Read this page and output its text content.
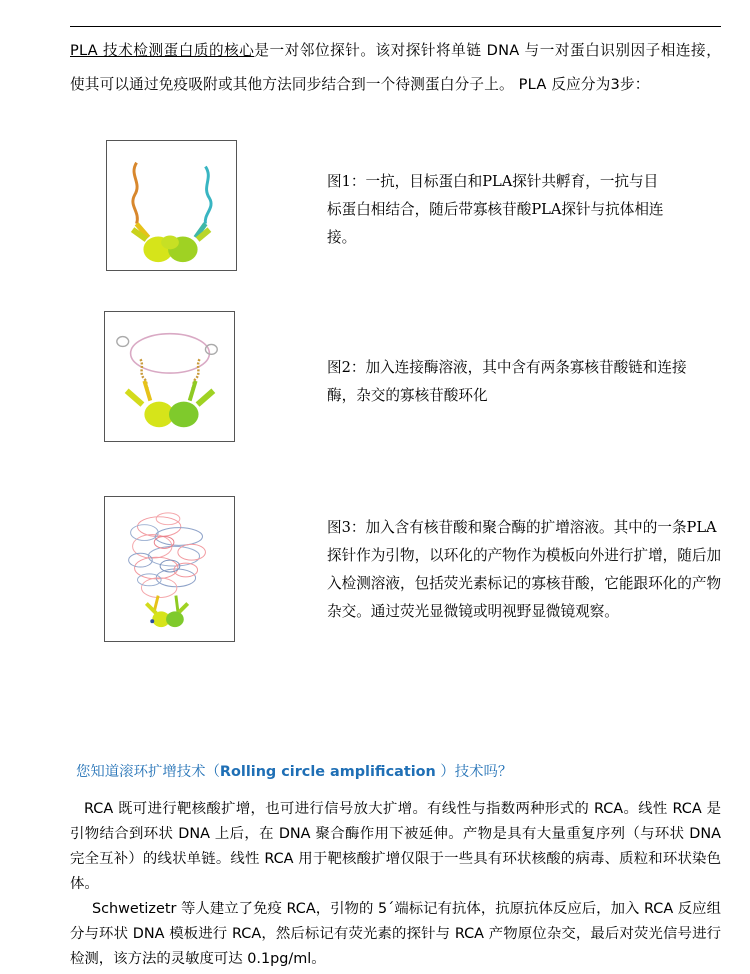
PLA 技术检测蛋白质的核心是一对邻位探针。该对探针将单链 DNA 与一对蛋白识别因子相连接，使其可以通过免疫吸附或其他方法同步结合到一个待测蛋白分子上。 PLA 反应分为3步：

图1：一抗，目标蛋白和PLA探针共孵育，一抗与目标蛋白相结合，随后带寡核苷酸PLA探针与抗体相连接。

图2：加入连接酶溶液，其中含有两条寡核苷酸链和连接酶，杂交的寡核苷酸环化

图3：加入含有核苷酸和聚合酶的扩增溶液。其中的一条PLA探针作为引物，以环化的产物作为模板向外进行扩增，随后加入检测溶液，包括荧光素标记的寡核苷酸，它能跟环化的产物杂交。通过荧光显微镜或明视野显微镜观察。

您知道滚环扩增技术（Rolling circle amplification ）技术吗？

RCA 既可进行靶核酸扩增，也可进行信号放大扩增。有线性与指数两种形式的 RCA。线性 RCA 是引物结合到环状 DNA 上后，在 DNA 聚合酶作用下被延伸。产物是具有大量重复序列（与环状 DNA 完全互补）的线状单链。线性 RCA 用于靶核酸扩增仅限于一些具有环状核酸的病毒、质粒和环状染色体。

Schwetizetr 等人建立了免疫 RCA，引物的 5´端标记有抗体，抗原抗体反应后，加入 RCA 反应组分与环状 DNA 模板进行 RCA，然后标记有荧光素的探针与 RCA 产物原位杂交，最后对荧光信号进行检测，该方法的灵敏度可达 0.1pg/ml。
